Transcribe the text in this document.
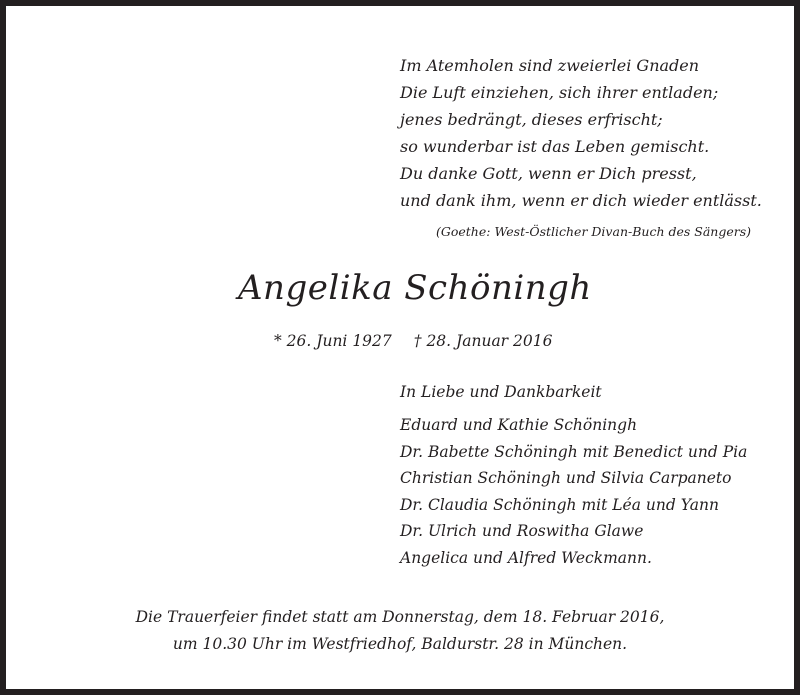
Im Atemholen sind zweierlei Gnaden
Die Luft einziehen, sich ihrer entladen;
jenes bedrängt, dieses erfrischt;
so wunderbar ist das Leben gemischt.
Du danke Gott, wenn er Dich presst,
und dank ihm, wenn er dich wieder entlässt.
(Goethe: West-Östlicher Divan-Buch des Sängers)
Angelika Schöningh
* 26. Juni 1927 † 28. Januar 2016
In Liebe und Dankbarkeit
Eduard und Kathie Schöningh
Dr. Babette Schöningh mit Benedict und Pia
Christian Schöningh und Silvia Carpaneto
Dr. Claudia Schöningh mit Léa und Yann
Dr. Ulrich und Roswitha Glawe
Angelica und Alfred Weckmann.
Die Trauerfeier findet statt am Donnerstag, dem 18. Februar 2016,
um 10.30 Uhr im Westfriedhof, Baldurstr. 28 in München.
